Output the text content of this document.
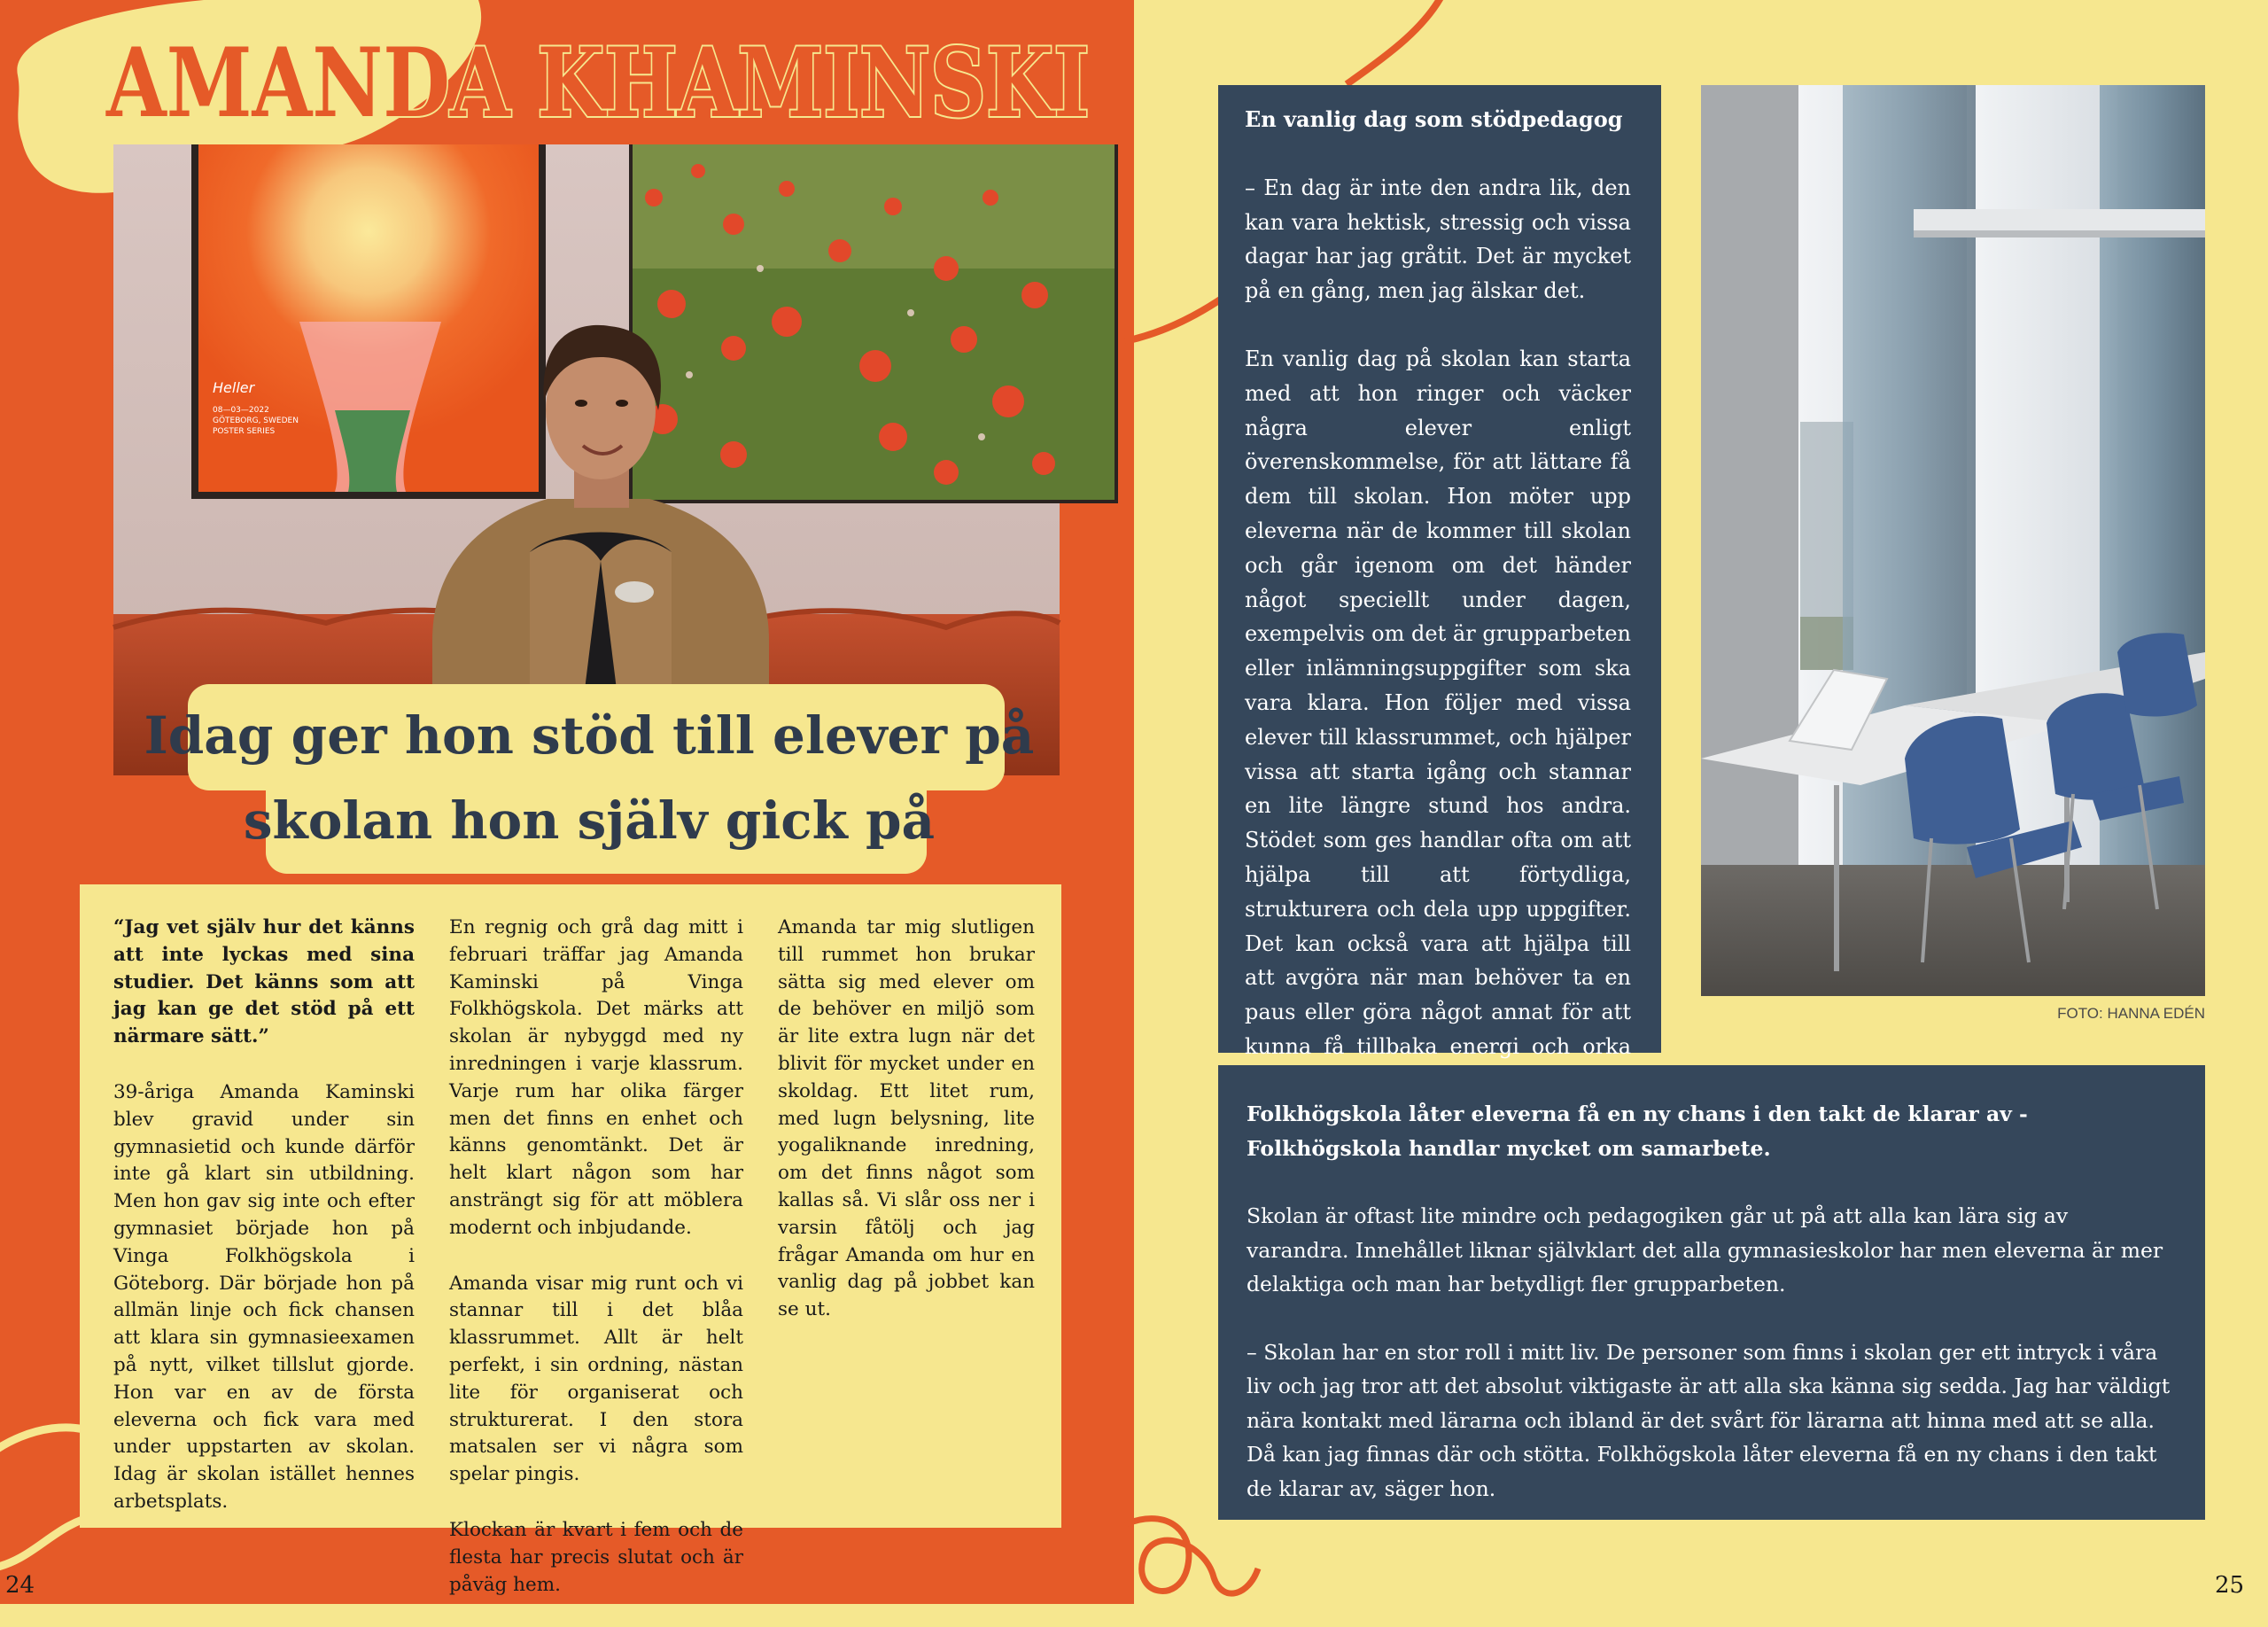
AMANDA KHAMINSKI
Heller
08—03—2022
GÖTEBORG, SWEDEN
POSTER SERIES
Idag ger hon stöd till elever på
skolan hon själv gick på

“Jag vet själv hur det känns att inte lyckas med sina studier. Det känns som att jag kan ge det stöd på ett närmare sätt.”

39-åriga Amanda Kaminski blev gravid under sin gymnasietid och kunde därför inte gå klart sin utbildning. Men hon gav sig inte och efter gymnasiet började hon på Vinga Folkhögskola i Göteborg. Där började hon på allmän linje och fick chansen att klara sin gymnasieexamen på nytt, vilket tillslut gjorde. Hon var en av de första eleverna och fick vara med under uppstarten av skolan. Idag är skolan istället hennes arbetsplats.

En regnig och grå dag mitt i februari träffar jag Amanda Kaminski på Vinga Folkhögskola. Det märks att skolan är nybyggd med ny inredningen i varje klassrum. Varje rum har olika färger men det finns en enhet och känns genomtänkt. Det är helt klart någon som har ansträngt sig för att möblera modernt och inbjudande.

Amanda visar mig runt och vi stannar till i det blåa klassrummet. Allt är helt perfekt, i sin ordning, nästan lite för organiserat och strukturerat. I den stora matsalen ser vi några som spelar pingis.

Klockan är kvart i fem och de flesta har precis slutat och är påväg hem.

Amanda tar mig slutligen till rummet hon brukar sätta sig med elever om de behöver en miljö som är lite extra lugn när det blivit för mycket under en skoldag. Ett litet rum, med lugn belysning, lite yogaliknande inredning, om det finns något som kallas så. Vi slår oss ner i varsin fåtölj och jag frågar Amanda om hur en vanlig dag på jobbet kan se ut.

24

En vanlig dag som stödpedagog

– En dag är inte den andra lik, den kan vara hektisk, stressig och vissa dagar har jag gråtit. Det är mycket på en gång, men jag älskar det.

En vanlig dag på skolan kan starta med att hon ringer och väcker några elever enligt överenskommelse, för att lättare få dem till skolan. Hon möter upp eleverna när de kommer till skolan och går igenom om det händer något speciellt under dagen, exempelvis om det är grupparbeten eller inlämningsuppgifter som ska vara klara. Hon följer med vissa elever till klassrummet, och hjälper vissa att starta igång och stannar en lite längre stund hos andra. Stödet som ges handlar ofta om att hjälpa till att förtydliga, strukturera och dela upp uppgifter. Det kan också vara att hjälpa till att avgöra när man behöver ta en paus eller göra något annat för att kunna få tillbaka energi och orka

FOTO: HANNA EDÉN

Folkhögskola låter eleverna få en ny chans i den takt de klarar av - Folkhögskola handlar mycket om samarbete.

Skolan är oftast lite mindre och pedagogiken går ut på att alla kan lära sig av varandra. Innehållet liknar självklart det alla gymnasieskolor har men eleverna är mer delaktiga och man har betydligt fler grupparbeten.

– Skolan har en stor roll i mitt liv. De personer som finns i skolan ger ett intryck i våra liv och jag tror att det absolut viktigaste är att alla ska känna sig sedda. Jag har väldigt nära kontakt med lärarna och ibland är det svårt för lärarna att hinna med att se alla. Då kan jag finnas där och stötta. Folkhögskola låter eleverna få en ny chans i den takt de klarar av, säger hon.

25
